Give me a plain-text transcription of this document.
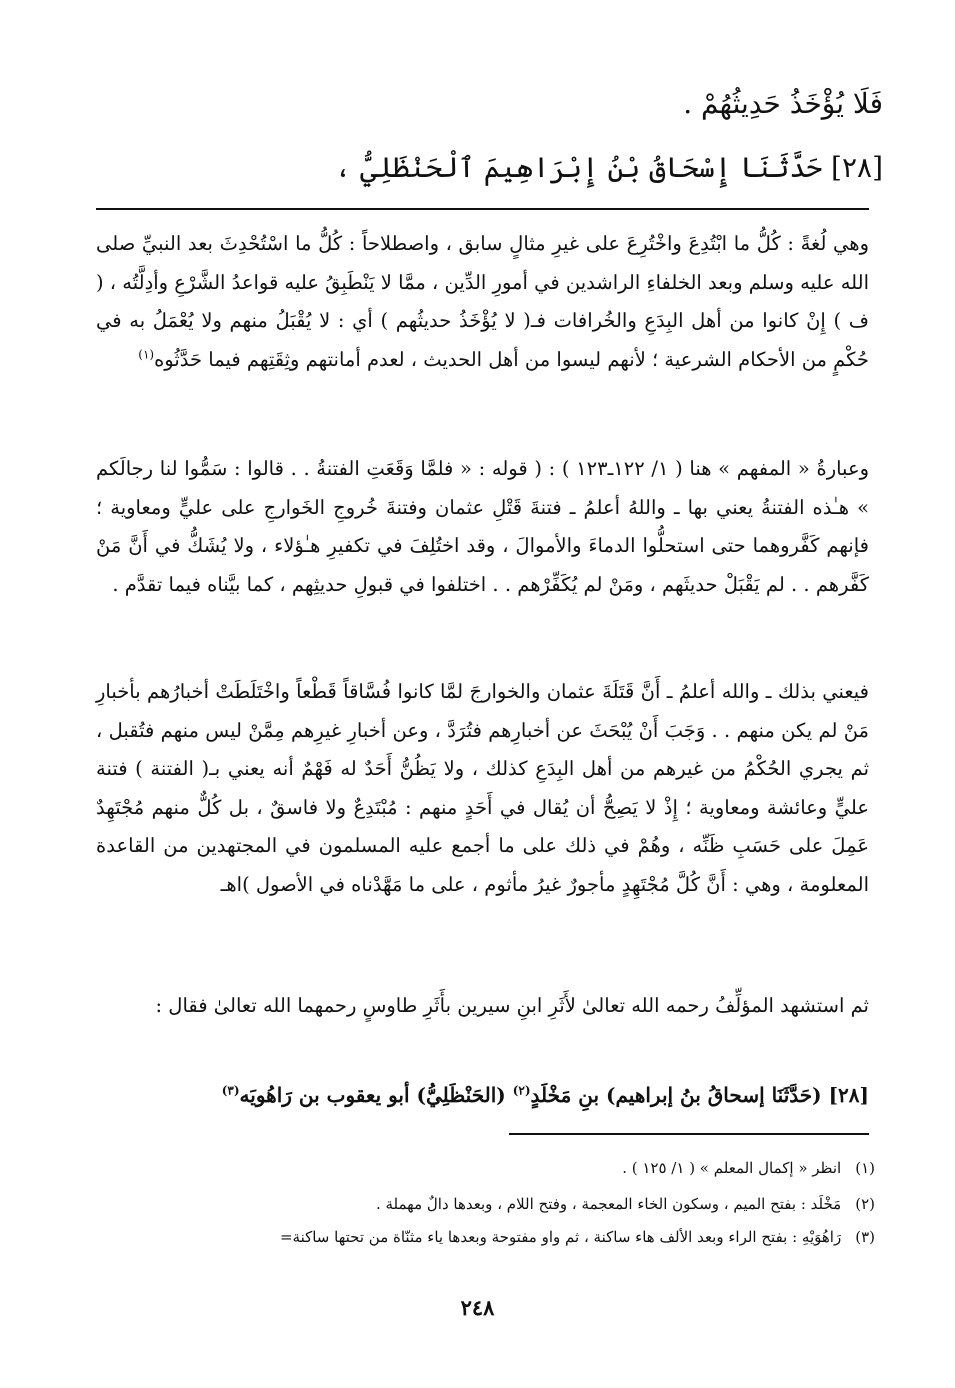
فَلَا يُؤْخَذُ حَدِيثُهُمْ .
[٢٨] حَدَّثَنَا إِسْحَاقُ بْنُ إِبْرَاهِيمَ ٱلْحَنْظَلِيُّ ،
وهي لُغةً : كُلُّ ما ابْتُدِعَ واخْتُرِعَ على غيرِ مثالٍ سابق ، واصطلاحاً : كُلُّ ما اسْتُحْدِثَ بعد النبيِّ صلى الله عليه وسلم وبعد الخلفاءِ الراشدين في أمورِ الدِّين ، ممَّا لا يَنْطَبِقُ عليه قواعدُ الشَّرْعِ وأدِلَّتُه ، ( ف ) إِنْ كانوا من أهل البِدَعِ والخُرافات فـ( لا يُؤْخَذُ حديثُهم ) أي : لا يُقْبَلُ منهم ولا يُعْمَلُ به في حُكْمٍ من الأحكام الشرعية ؛ لأنهم ليسوا من أهل الحديث ، لعدم أمانتهم وثِقَتِهم فيما حَدَّثُوه$^{(١)}$
وعبارةُ « المفهم » هنا ( ١/ ١٢٢ـ١٢٣ ) : ( قوله : « فلمَّا وَقَعَتِ الفتنةُ . . قالوا : سَمُّوا لنا رجالَكم » هـٰذه الفتنةُ يعني بها ـ واللهُ أعلمُ ـ فتنةَ قَتْلِ عثمان وفتنةَ خُروجِ الخَوارجِ على عليٍّ ومعاوية ؛ فإنهم كَفَّروهما حتى استحلُّوا الدماءَ والأموالَ ، وقد اختُلِفَ في تكفيرِ هـٰؤلاء ، ولا يُشَكُّ في أَنَّ مَنْ كَفَّرهم . . لم يَقْبَلْ حديثَهم ، ومَنْ لم يُكَفِّرْهم . . اختلفوا في قبولِ حديثِهم ، كما بيَّناه فيما تقدَّم .
فيعني بذلك ـ والله أعلمُ ـ أَنَّ قَتَلَةَ عثمان والخوارجَ لمَّا كانوا فُسَّاقاً قَطْعاً واخْتَلَطَتْ أخبارُهم بأخبارِ مَنْ لم يكن منهم . . وَجَبَ أَنْ يُبْحَثَ عن أخبارِهم فتُرَدَّ ، وعن أخبارِ غيرِهم مِمَّنْ ليس منهم فتُقبل ، ثم يجري الحُكْمُ من غيرهم من أهل البِدَعِ كذلك ، ولا يَظُنُّ أَحَدٌ له فَهْمٌ أنه يعني بـ( الفتنة ) فتنة عليٍّ وعائشة ومعاوية ؛ إِذْ لا يَصِحُّ أن يُقال في أَحَدٍ منهم : مُبْتَدِعٌ ولا فاسقٌ ، بل كُلٌّ منهم مُجْتَهِدٌ عَمِلَ على حَسَبِ ظَنِّه ، وهُمْ في ذلك على ما أجمع عليه المسلمون في المجتهدين من القاعدة المعلومة ، وهي : أَنَّ كُلَّ مُجْتَهِدٍ مأجورٌ غيرُ مأثوم ، على ما مَهَّدْناه في الأصول )اهـ
ثم استشهد المؤلِّفُ رحمه الله تعالىٰ لأَثَرِ ابنِ سيرين بأَثَرِ طاوسٍ رحمهما الله تعالىٰ فقال :
[٢٨] (حَدَّثَنَا إسحاقُ بنُ إبراهيم) بنِ مَخْلَدٍ$^{(٢)}$ (الحَنْظَلِيُّ) أبو يعقوب بن رَاهُويَه$^{(٣)}$
(١)
انظر « إكمال المعلم » ( ١/ ١٢٥ ) .
(٢)
مَخْلَد : بفتح الميم ، وسكون الخاء المعجمة ، وفتح اللام ، وبعدها دالٌ مهملة .
(٣)
رَاهُوَيْهِ : بفتح الراء وبعد الألف هاء ساكنة ، ثم واو مفتوحة وبعدها ياء مثنّاة من تحتها ساكنة=
٢٤٨
